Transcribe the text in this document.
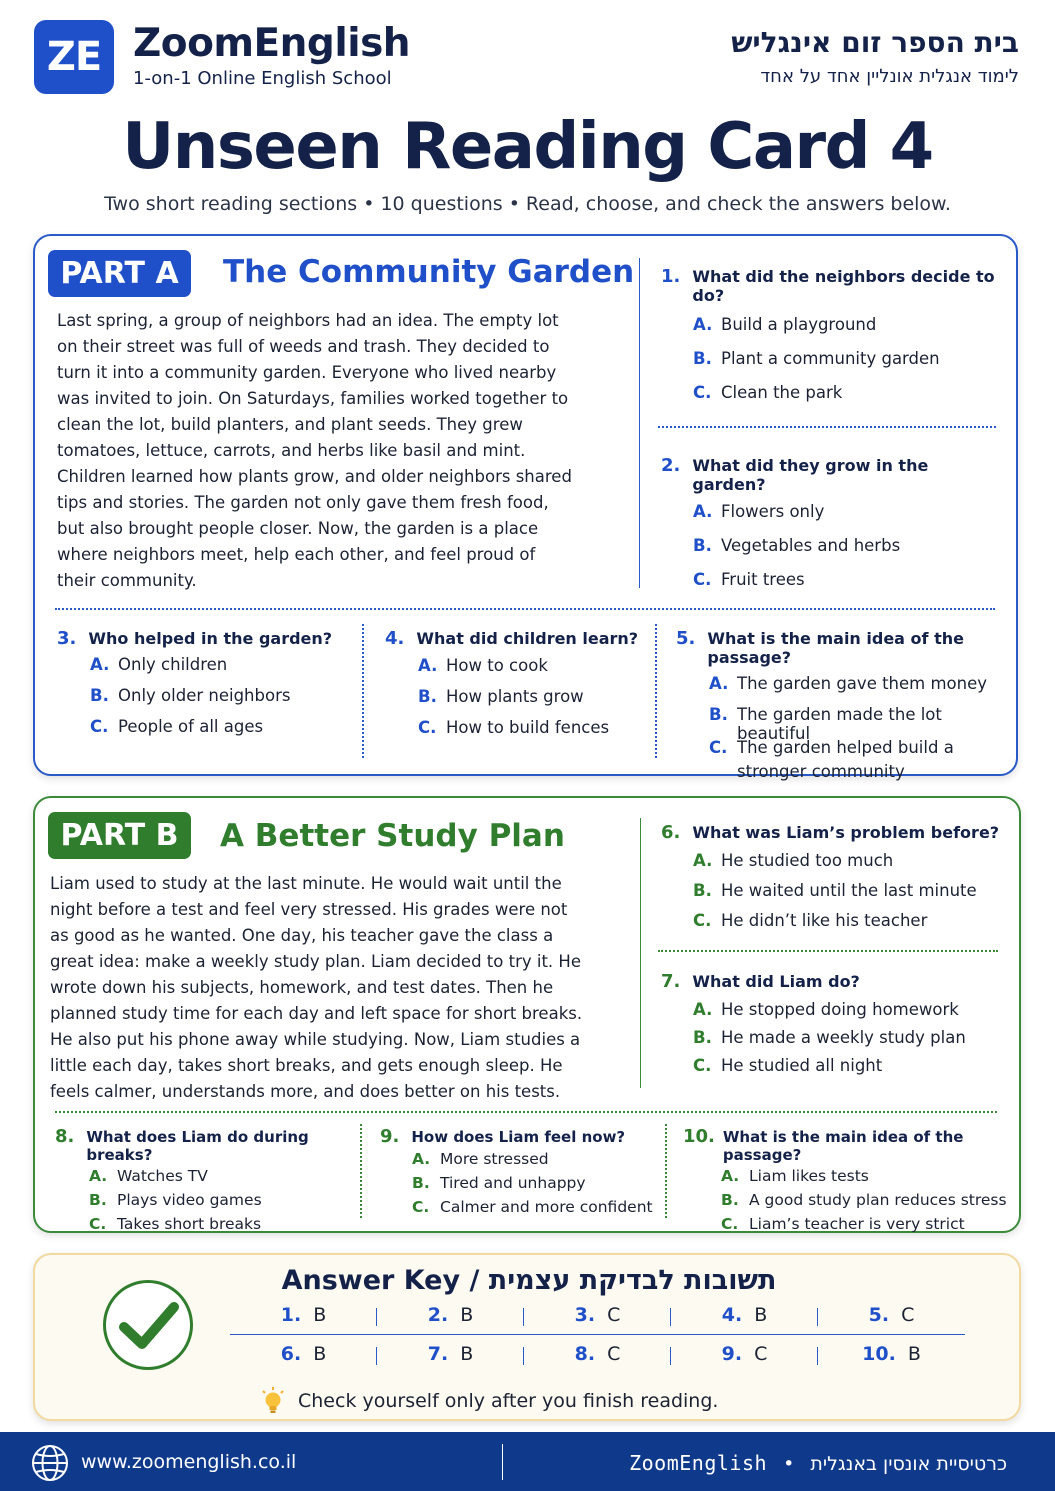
ZE ZoomEnglish
1-on-1 Online English School
בית הספר זום אינגליש
לימוד אנגלית אונליין אחד על אחד
Unseen Reading Card 4
Two short reading sections • 10 questions • Read, choose, and check the answers below.
PART A	The Community Garden
Last spring, a group of neighbors had an idea. The empty lot on their street was full of weeds and trash. They decided to turn it into a community garden. Everyone who lived nearby was invited to join. On Saturdays, families worked together to clean the lot, build planters, and plant seeds. They grew tomatoes, lettuce, carrots, and herbs like basil and mint. Children learned how plants grow, and older neighbors shared tips and stories. The garden not only gave them fresh food, but also brought people closer. Now, the garden is a place where neighbors meet, help each other, and feel proud of their community.
1. What did the neighbors decide to do?
A. Build a playground
B. Plant a community garden
C. Clean the park
2. What did they grow in the garden?
A. Flowers only
B. Vegetables and herbs
C. Fruit trees
3. Who helped in the garden?
A. Only children
B. Only older neighbors
C. People of all ages
4. What did children learn?
A. How to cook
B. How plants grow
C. How to build fences
5. What is the main idea of the passage?
A. The garden gave them money
B. The garden made the lot beautiful
C. The garden helped build a stronger community
PART B	A Better Study Plan
Liam used to study at the last minute. He would wait until the night before a test and feel very stressed. His grades were not as good as he wanted. One day, his teacher gave the class a great idea: make a weekly study plan. Liam decided to try it. He wrote down his subjects, homework, and test dates. Then he planned study time for each day and left space for short breaks. He also put his phone away while studying. Now, Liam studies a little each day, takes short breaks, and gets enough sleep. He feels calmer, understands more, and does better on his tests.
6. What was Liam’s problem before?
A. He studied too much
B. He waited until the last minute
C. He didn’t like his teacher
7. What did Liam do?
A. He stopped doing homework
B. He made a weekly study plan
C. He studied all night
8. What does Liam do during breaks?
A. Watches TV
B. Plays video games
C. Takes short breaks
9. How does Liam feel now?
A. More stressed
B. Tired and unhappy
C. Calmer and more confident
10. What is the main idea of the passage?
A. Liam likes tests
B. A good study plan reduces stress
C. Liam’s teacher is very strict
Answer Key / תשובות לבדיקת עצמית
1. B	2. B	3. C	4. B	5. C
6. B	7. B	8. C	9. C	10. B
Check yourself only after you finish reading.
www.zoomenglish.co.il	כרטיסיית אונסין באנגלית • ZoomEnglish
